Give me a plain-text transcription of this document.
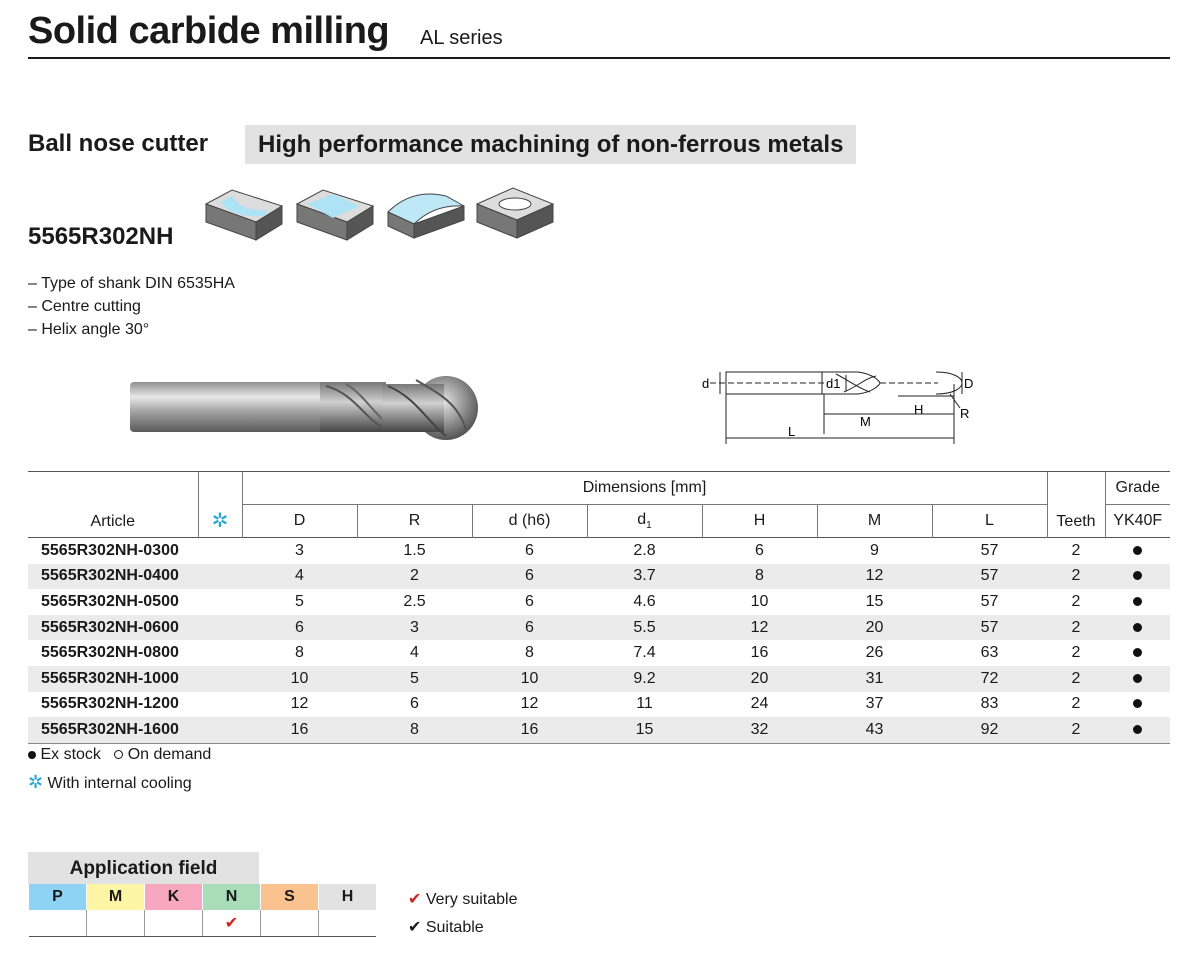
Solid carbide milling AL series
Ball nose cutter	High performance machining of non-ferrous metals
5565R302NH
– Type of shank DIN 6535HA
– Centre cutting
– Helix angle 30°
d	d1	D
H	R
M
L
Article	✲	Dimensions [mm]							Teeth	Grade
		D	R	d (h6)	$d_1$	H	M	L		YK40F
5565R302NH-0300		3	1.5	6	2.8	6	9	57	2	
5565R302NH-0400		4	2	6	3.7	8	12	57	2	
5565R302NH-0500		5	2.5	6	4.6	10	15	57	2	
5565R302NH-0600		6	3	6	5.5	12	20	57	2	
5565R302NH-0800		8	4	8	7.4	16	26	63	2	
5565R302NH-1000		10	5	10	9.2	20	31	72	2	
5565R302NH-1200		12	6	12	11	24	37	83	2	
5565R302NH-1600		16	8	16	15	32	43	92	2	
Ex stock On demand
✲ With internal cooling
Application field
P	M	K	N	S	H
			✔		
✔ Very suitable
✔ Suitable
